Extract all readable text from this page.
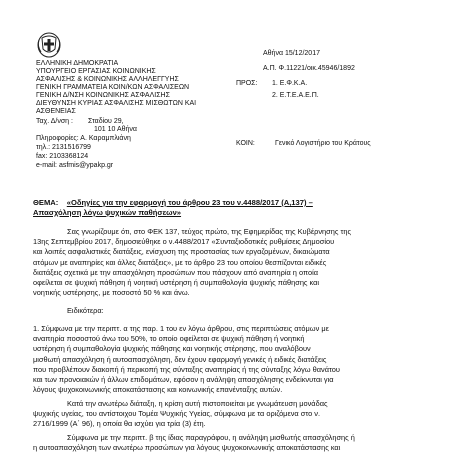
ΕΛΛΗΝΙΚΗ ΔΗΜΟΚΡΑΤΙΑ
ΥΠΟΥΡΓΕΙΟ ΕΡΓΑΣΙΑΣ ΚΟΙΝΩΝΙΚΗΣ
ΑΣΦΑΛΙΣΗΣ & ΚΟΙΝΩΝΙΚΗΣ ΑΛΛΗΛΕΓΓΥΗΣ
ΓΕΝΙΚΗ ΓΡΑΜΜΑΤΕΙΑ ΚΟΙΝ/ΚΩΝ ΑΣΦΑΛΙΣΕΩΝ
ΓΕΝΙΚΗ Δ/ΝΣΗ ΚΟΙΝΩΝΙΚΗΣ ΑΣΦΑΛΙΣΗΣ
ΔΙΕΥΘΥΝΣΗ ΚΥΡΙΑΣ ΑΣΦΑΛΙΣΗΣ ΜΙΣΘΩΤΩΝ ΚΑΙ
ΑΣΘΕΝΕΙΑΣ
Ταχ. Δ/νση : Σταδίου 29,
101 10 Αθήνα
Πληροφορίες: Α. Καραμπλιάνη
τηλ.: 2131516799
fax: 2103368124
e-mail: asfmis@ypakp.gr
Αθήνα 15/12/2017
Α.Π. Φ.11221/οικ.45946/1892
ΠΡΟΣ: 1. Ε.Φ.Κ.Α.
2. Ε.Τ.Ε.Α.Ε.Π.
ΚΟΙΝ:	Γενικό Λογιστήριο του Κράτους
ΘΕΜΑ: «Οδηγίες για την εφαρμογή του άρθρου 23 του ν.4488/2017 (Α,137) –
Απασχόληση λόγω ψυχικών παθήσεων»
Σας γνωρίζουμε ότι, στο ΦΕΚ 137, τεύχος πρώτο, της Εφημερίδας της Κυβέρνησης της
13ης Σεπτεμβρίου 2017, δημοσιεύθηκε ο ν.4488/2017 «Συνταξιοδοτικές ρυθμίσεις Δημοσίου
και λοιπές ασφαλιστικές διατάξεις, ενίσχυση της προστασίας των εργαζομένων, δικαιώματα
ατόμων με αναπηρίες και άλλες διατάξεις», με το άρθρο 23 του οποίου θεσπίζονται ειδικές
διατάξεις σχετικά με την απασχόληση προσώπων που πάσχουν από αναπηρία η οποία
οφείλεται σε ψυχική πάθηση ή νοητική υστέρηση ή συμπαθολογία ψυχικής πάθησης και
νοητικής υστέρησης, με ποσοστό 50 % και άνω.
Ειδικότερα:
1. Σύμφωνα με την περιπτ. α της παρ. 1 του εν λόγω άρθρου, στις περιπτώσεις ατόμων με
αναπηρία ποσοστού άνω του 50%, το οποίο οφείλεται σε ψυχική πάθηση ή νοητική
υστέρηση ή συμπαθολογία ψυχικής πάθησης και νοητικής στέρησης, που αναλόβουν
μισθωτή απασχόληση ή αυτοαπασχόληση, δεν έχουν εφαρμογή γενικές ή ειδικές διατάξεις
που προβλέπουν διακοπή ή περικοπή της σύνταξης αναπηρίας ή της σύνταξης λόγω θανάτου
και των προνοιακών ή άλλων επιδομάτων, εφόσον η ανάληψη απασχόλησης ενδείκνυται για
λόγους ψυχοκοινωνικής αποκατάστασης και κοινωνικής επανένταξης αυτών.
Κατά την ανωτέρω διάταξη, η κρίση αυτή πιστοποιείται με γνωμάτευση μονάδας
ψυχικής υγείας, του αντίστοιχου Τομέα Ψυχικής Υγείας, σύμφωνα με τα οριζόμενα στο ν.
2716/1999 (Α΄ 96), η οποία θα ισχύει για τρία (3) έτη.
Σύμφωνα με την περιπτ. β της ίδιας παραγράφου, η ανάληψη μισθωτής απασχόλησης ή
η αυτοαπασχόληση των ανωτέρω προσώπων για λόγους ψυχοκοινωνικής αποκατάστασης και
